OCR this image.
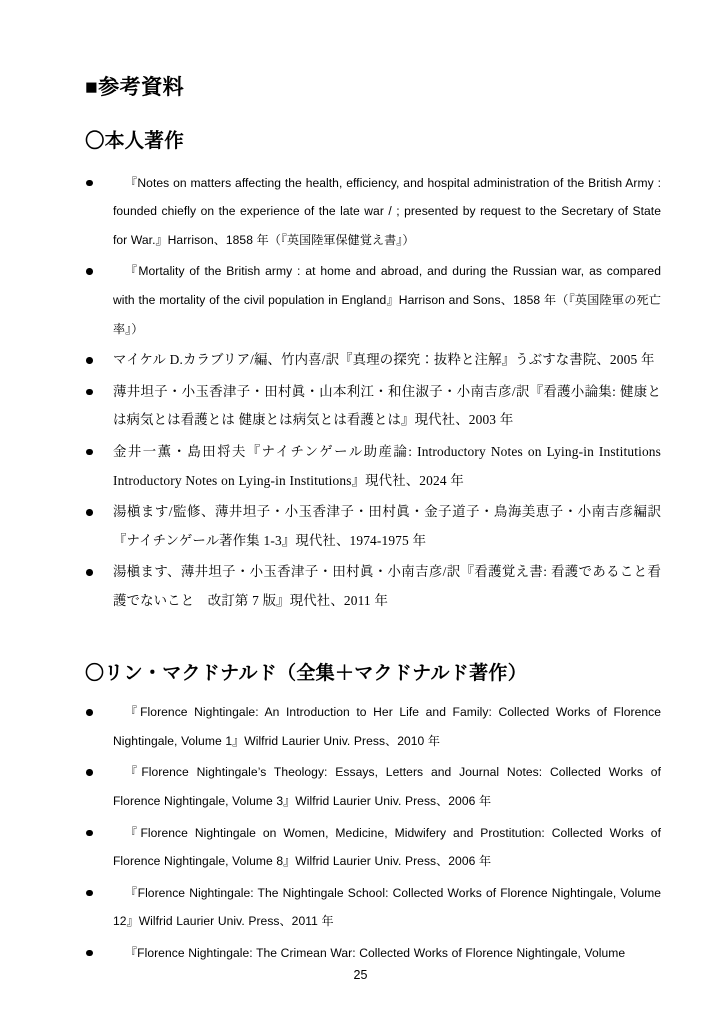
■参考資料
〇本人著作
『Notes on matters affecting the health, efficiency, and hospital administration of the British Army : founded chiefly on the experience of the late war / ; presented by request to the Secretary of State for War.』Harrison、1858 年（『英国陸軍保健覚え書』）
『Mortality of the British army : at home and abroad, and during the Russian war, as compared with the mortality of the civil population in England』Harrison and Sons、1858 年（『英国陸軍の死亡率』）
マイケル D.カラブリア/編、竹内喜/訳『真理の探究：抜粋と注解』うぶすな書院、2005 年
薄井坦子・小玉香津子・田村眞・山本利江・和住淑子・小南吉彦/訳『看護小論集: 健康とは病気とは看護とは 健康とは病気とは看護とは』現代社、2003 年
金井一薫・島田将夫『ナイチンゲール助産論: Introductory Notes on Lying-in Institutions Introductory Notes on Lying-in Institutions』現代社、2024 年
湯槇ます/監修、薄井坦子・小玉香津子・田村眞・金子道子・鳥海美恵子・小南吉彦編訳『ナイチンゲール著作集 1-3』現代社、1974-1975 年
湯槇ます、薄井坦子・小玉香津子・田村眞・小南吉彦/訳『看護覚え書: 看護であること看護でないこと　改訂第 7 版』現代社、2011 年
〇リン・マクドナルド（全集＋マクドナルド著作）
『Florence Nightingale: An Introduction to Her Life and Family: Collected Works of Florence Nightingale, Volume 1』Wilfrid Laurier Univ. Press、2010 年
『Florence Nightingale’s Theology: Essays, Letters and Journal Notes: Collected Works of Florence Nightingale, Volume 3』Wilfrid Laurier Univ. Press、2006 年
『Florence Nightingale on Women, Medicine, Midwifery and Prostitution: Collected Works of Florence Nightingale, Volume 8』Wilfrid Laurier Univ. Press、2006 年
『Florence Nightingale: The Nightingale School: Collected Works of Florence Nightingale, Volume 12』Wilfrid Laurier Univ. Press、2011 年
『Florence Nightingale: The Crimean War: Collected Works of Florence Nightingale, Volume
25
